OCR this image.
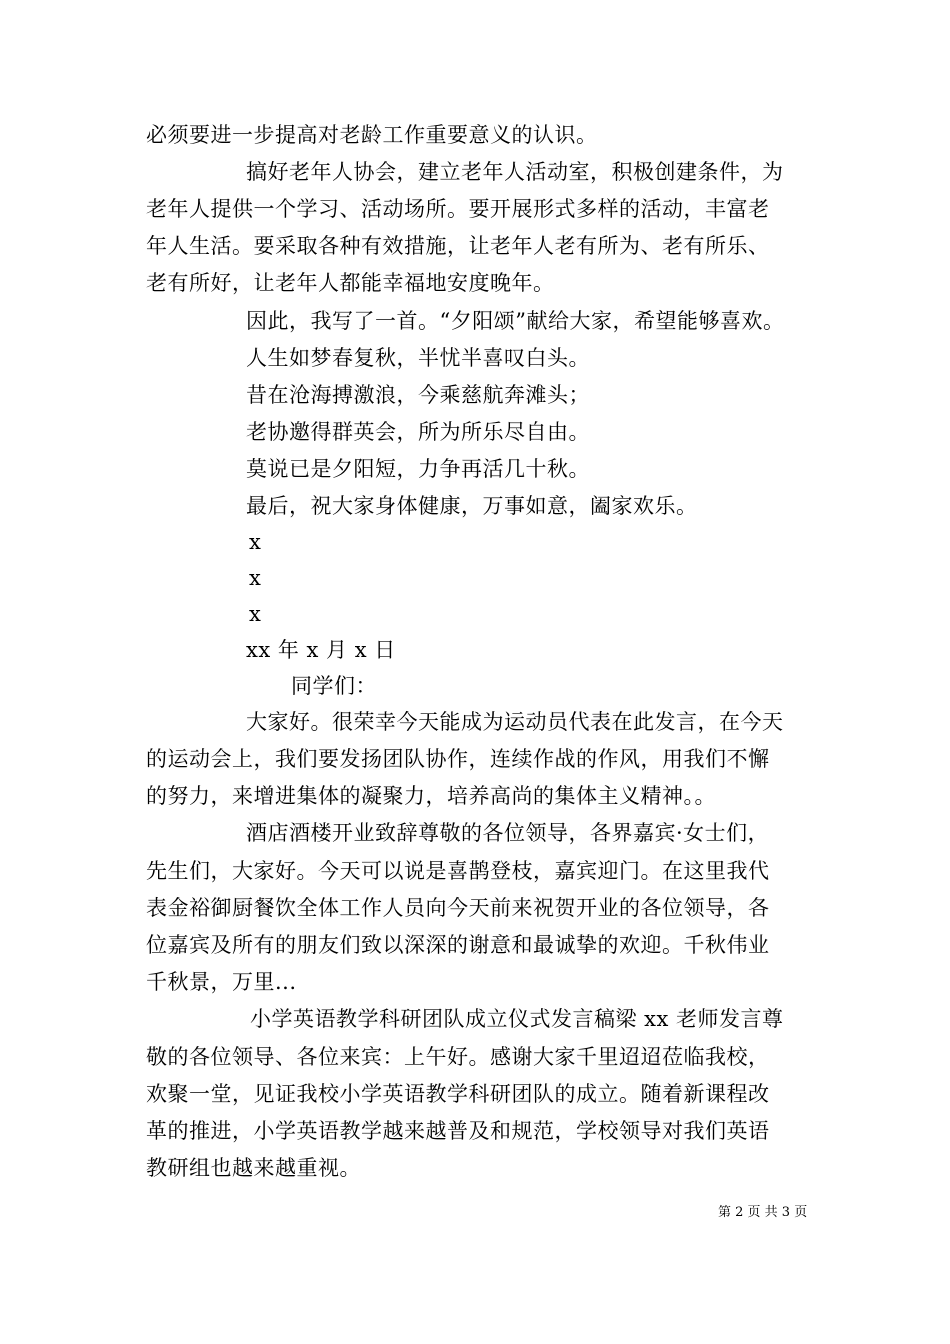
必须要进一步提高对老龄工作重要意义的认识。
搞好老年人协会，建立老年人活动室，积极创建条件，为
老年人提供一个学习、活动场所。要开展形式多样的活动，丰富老
年人生活。要采取各种有效措施，让老年人老有所为、老有所乐、
老有所好，让老年人都能幸福地安度晚年。
因此，我写了一首。“夕阳颂”献给大家，希望能够喜欢。
人生如梦春复秋，半忧半喜叹白头。
昔在沧海搏激浪，今乘慈航奔滩头；
老协邀得群英会，所为所乐尽自由。
莫说已是夕阳短，力争再活几十秋。
最后，祝大家身体健康，万事如意，阖家欢乐。
x
x
x
xx 年 x 月 x 日
同学们：
大家好。很荣幸今天能成为运动员代表在此发言，在今天
的运动会上，我们要发扬团队协作，连续作战的作风，用我们不懈
的努力，来增进集体的凝聚力，培养高尚的集体主义精神。。
酒店酒楼开业致辞尊敬的各位领导，各界嘉宾·女士们，
先生们，大家好。今天可以说是喜鹊登枝，嘉宾迎门。在这里我代
表金裕御厨餐饮全体工作人员向今天前来祝贺开业的各位领导，各
位嘉宾及所有的朋友们致以深深的谢意和最诚挚的欢迎。千秋伟业
千秋景，万里...
小学英语教学科研团队成立仪式发言稿梁 xx 老师发言尊
敬的各位领导、各位来宾：上午好。感谢大家千里迢迢莅临我校，
欢聚一堂，见证我校小学英语教学科研团队的成立。随着新课程改
革的推进，小学英语教学越来越普及和规范，学校领导对我们英语
教研组也越来越重视。
第 2 页 共 3 页
